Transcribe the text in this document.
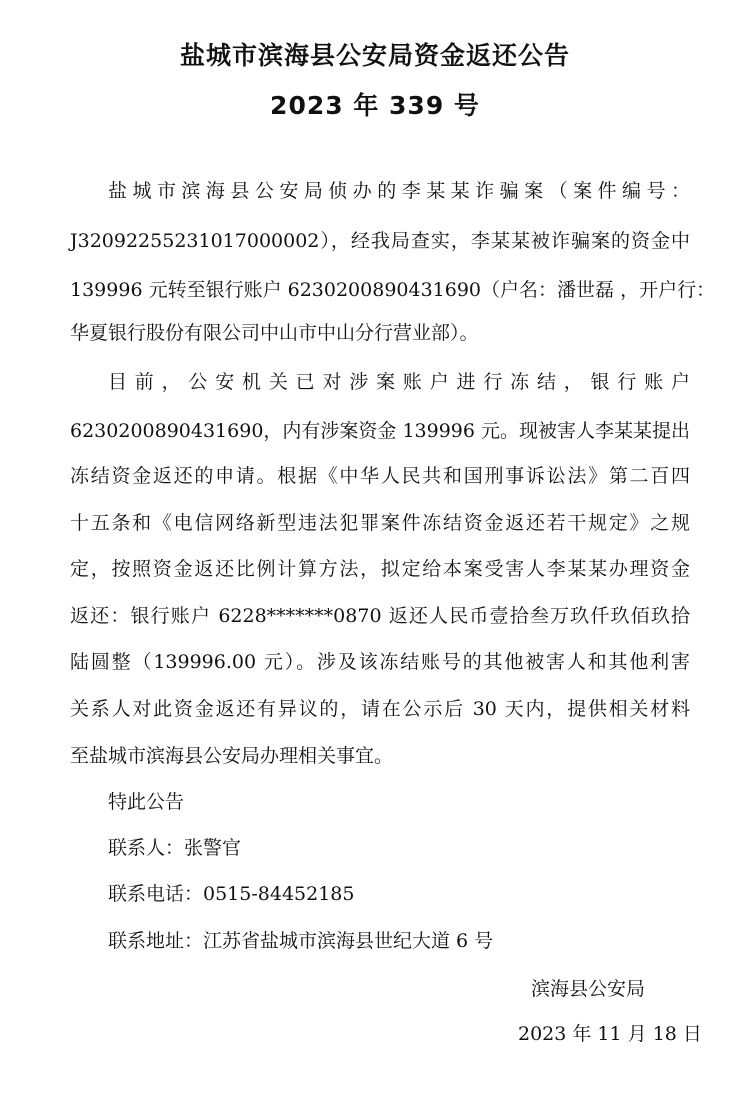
盐城市滨海县公安局资金返还公告
2023 年 339 号
盐城市滨海县公安局侦办的李某某诈骗案（案件编号：
J32092255231017000002），经我局查实，李某某被诈骗案的资金中
139996 元转至银行账户 6230200890431690（户名：潘世磊 ，开户行：
华夏银行股份有限公司中山市中山分行营业部）。
目前，公安机关已对涉案账户进行冻结，银行账户
6230200890431690，内有涉案资金 139996 元。现被害人李某某提出
冻结资金返还的申请。根据《中华人民共和国刑事诉讼法》第二百四
十五条和《电信网络新型违法犯罪案件冻结资金返还若干规定》之规
定，按照资金返还比例计算方法，拟定给本案受害人李某某办理资金
返还：银行账户 6228*******0870 返还人民币壹拾叁万玖仟玖佰玖拾
陆圆整（139996.00 元）。涉及该冻结账号的其他被害人和其他利害
关系人对此资金返还有异议的，请在公示后 30 天内，提供相关材料
至盐城市滨海县公安局办理相关事宜。
特此公告
联系人：张警官
联系电话：0515-84452185
联系地址：江苏省盐城市滨海县世纪大道 6 号
滨海县公安局
2023 年 11 月 18 日
